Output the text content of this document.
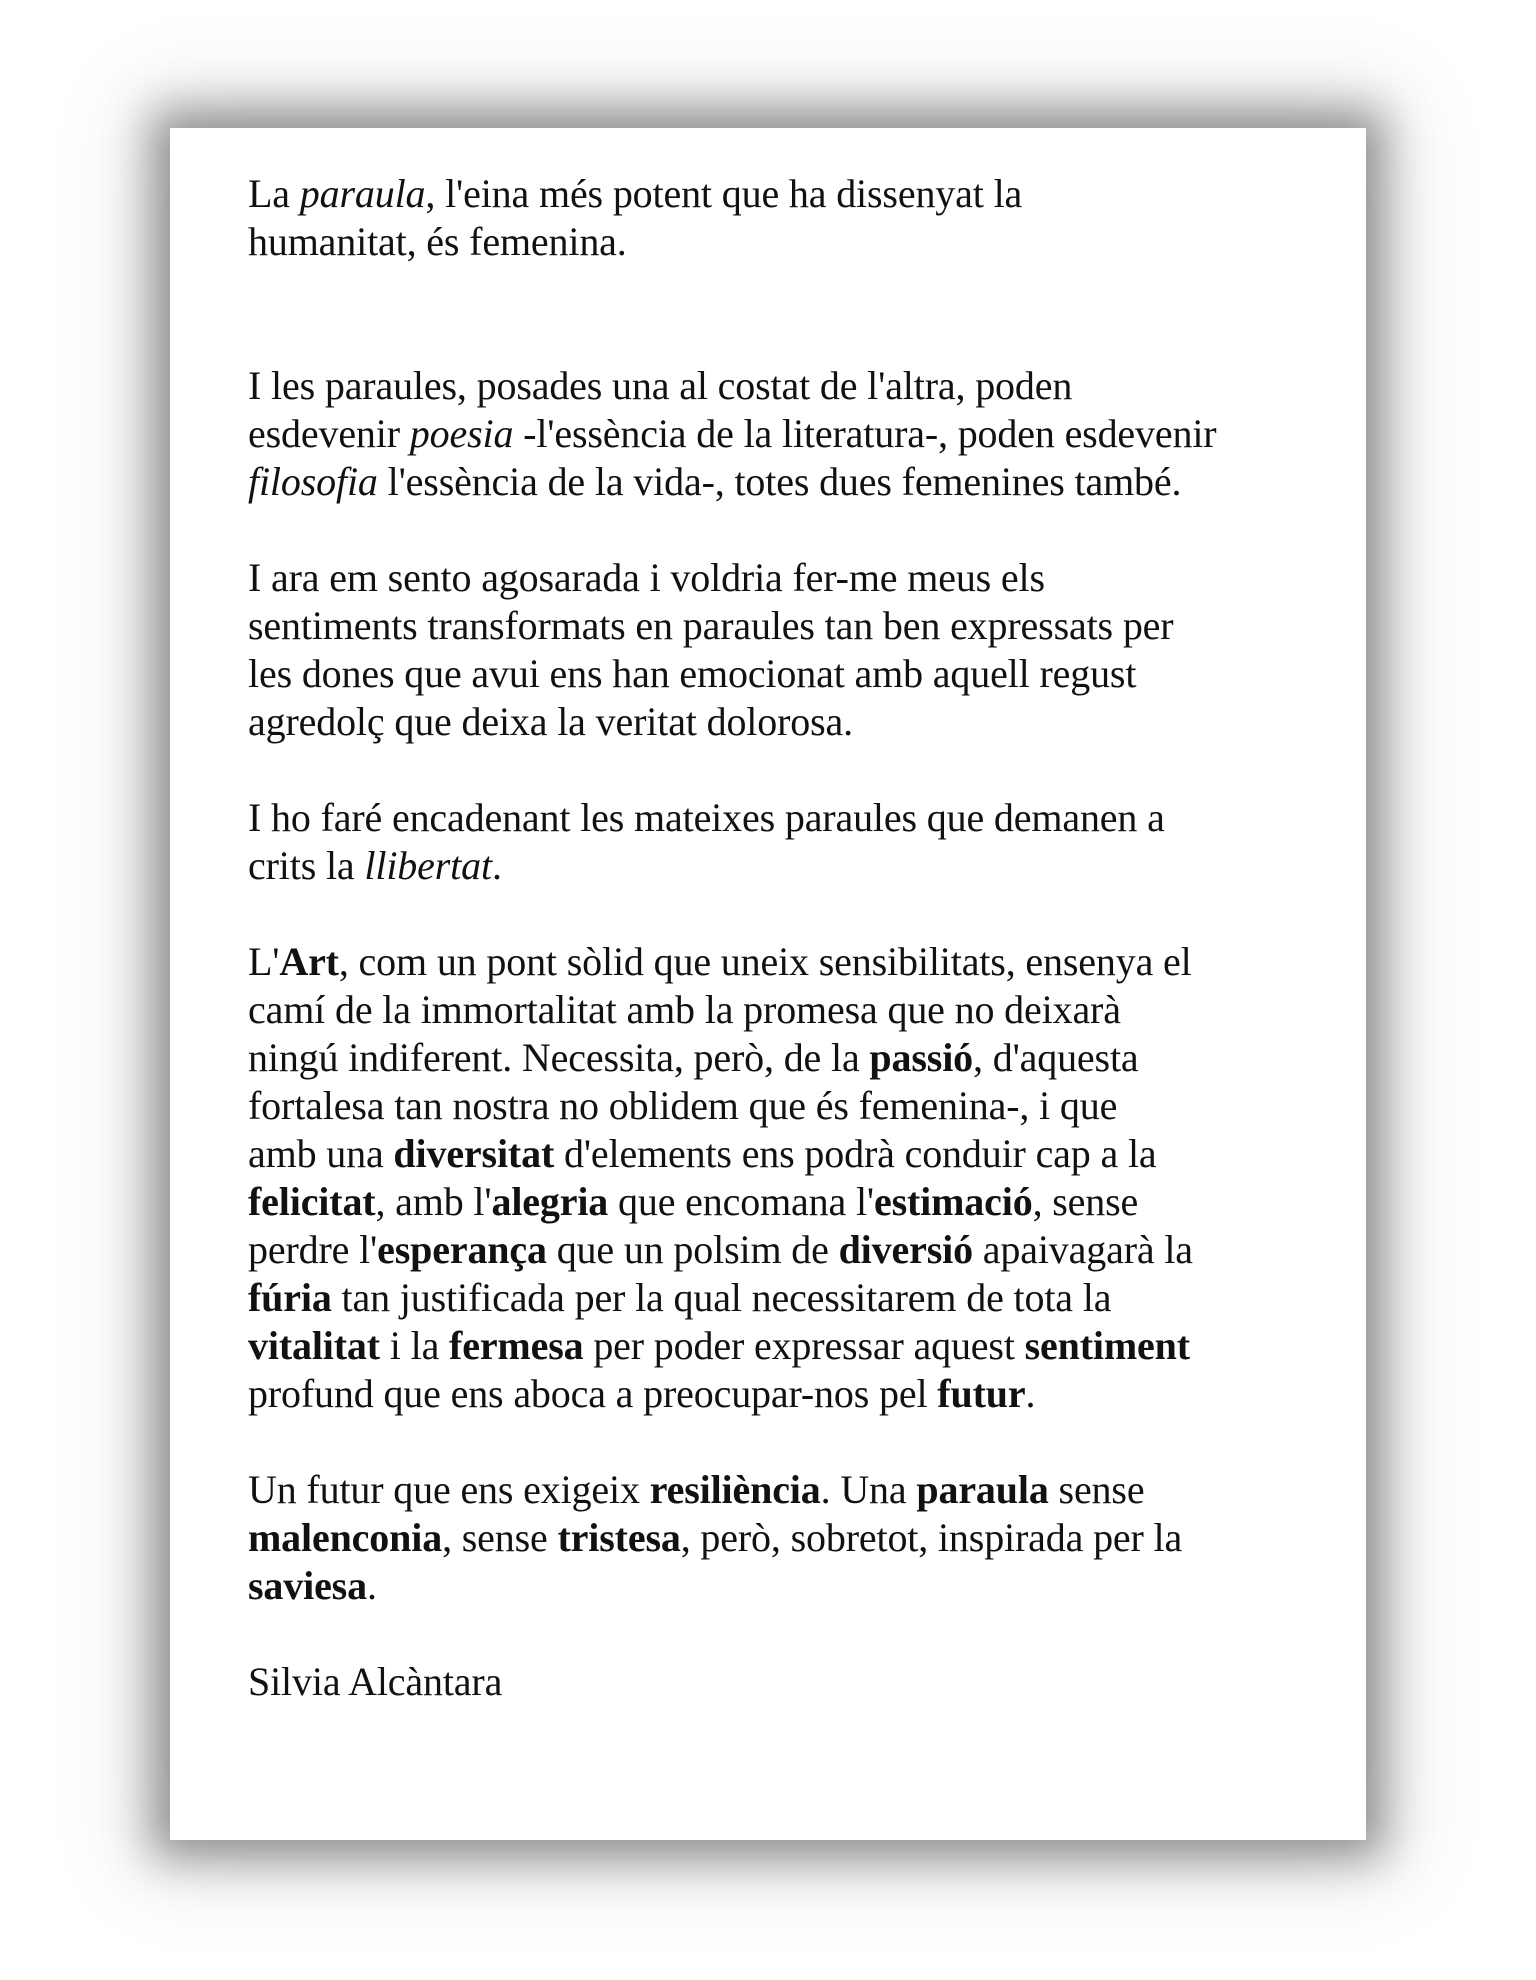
La paraula, l'eina més potent que ha dissenyat la
humanitat, és femenina.

I les paraules, posades una al costat de l'altra, poden
esdevenir poesia -l'essència de la literatura-, poden esdevenir
filosofia l'essència de la vida-, totes dues femenines també.

I ara em sento agosarada i voldria fer-me meus els
sentiments transformats en paraules tan ben expressats per
les dones que avui ens han emocionat amb aquell regust
agredolç que deixa la veritat dolorosa.

I ho faré encadenant les mateixes paraules que demanen a
crits la llibertat.

L'Art, com un pont sòlid que uneix sensibilitats, ensenya el
camí de la immortalitat amb la promesa que no deixarà
ningú indiferent. Necessita, però, de la passió, d'aquesta
fortalesa tan nostra no oblidem que és femenina-, i que
amb una diversitat d'elements ens podrà conduir cap a la
felicitat, amb l'alegria que encomana l'estimació, sense
perdre l'esperança que un polsim de diversió apaivagarà la
fúria tan justificada per la qual necessitarem de tota la
vitalitat i la fermesa per poder expressar aquest sentiment
profund que ens aboca a preocupar-nos pel futur.

Un futur que ens exigeix resiliència. Una paraula sense
malenconia, sense tristesa, però, sobretot, inspirada per la
saviesa.

Silvia Alcàntara
